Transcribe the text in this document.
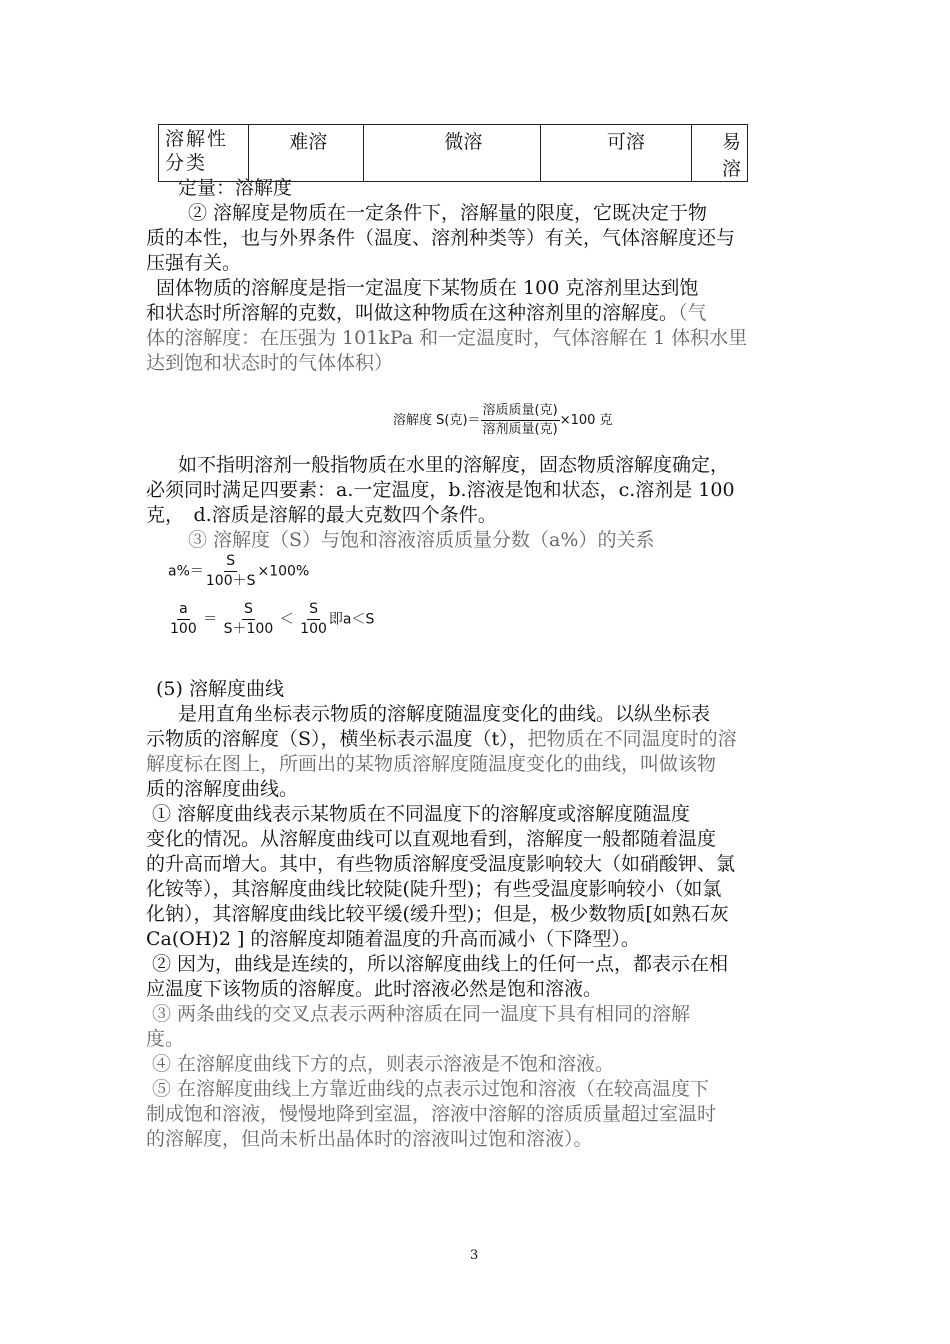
溶解性分类	难溶	微溶	可溶	易溶
定量：溶解度
② 溶解度是物质在一定条件下，溶解量的限度，它既决定于物
质的本性，也与外界条件（温度、溶剂种类等）有关，气体溶解度还与
压强有关。
固体物质的溶解度是指一定温度下某物质在 100 克溶剂里达到饱
和状态时所溶解的克数，叫做这种物质在这种溶剂里的溶解度。（气
体的溶解度：在压强为 101kPa 和一定温度时，气体溶解在 1 体积水里
达到饱和状态时的气体体积）
溶解度 S(克)＝ $\frac{\text{溶质质量(克)}}{\text{溶剂质量(克)}} \times 100$ 克
如不指明溶剂一般指物质在水里的溶解度，固态物质溶解度确定，
必须同时满足四要素：a.一定温度，b.溶液是饱和状态，c.溶剂是 100
克，　d.溶质是溶解的最大克数四个条件。
③ 溶解度（S）与饱和溶液溶质质量分数（a%）的关系
$a\%= \frac{S}{100+S} \times 100\%$
$\frac{a}{100} = \frac{S}{S+100} < \frac{S}{100}$ 即a＜S
(5) 溶解度曲线
是用直角坐标表示物质的溶解度随温度变化的曲线。以纵坐标表
示物质的溶解度（S），横坐标表示温度（t），把物质在不同温度时的溶
解度标在图上，所画出的某物质溶解度随温度变化的曲线，叫做该物
质的溶解度曲线。
① 溶解度曲线表示某物质在不同温度下的溶解度或溶解度随温度
变化的情况。从溶解度曲线可以直观地看到，溶解度一般都随着温度
的升高而增大。其中，有些物质溶解度受温度影响较大（如硝酸钾、氯
化铵等），其溶解度曲线比较陡(陡升型)；有些受温度影响较小（如氯
化钠），其溶解度曲线比较平缓(缓升型)；但是，极少数物质[如熟石灰
Ca(OH)2 ] 的溶解度却随着温度的升高而减小（下降型）。
② 因为，曲线是连续的，所以溶解度曲线上的任何一点，都表示在相
应温度下该物质的溶解度。此时溶液必然是饱和溶液。
③ 两条曲线的交叉点表示两种溶质在同一温度下具有相同的溶解
度。
④ 在溶解度曲线下方的点，则表示溶液是不饱和溶液。
⑤ 在溶解度曲线上方靠近曲线的点表示过饱和溶液（在较高温度下
制成饱和溶液，慢慢地降到室温，溶液中溶解的溶质质量超过室温时
的溶解度，但尚未析出晶体时的溶液叫过饱和溶液）。
3
